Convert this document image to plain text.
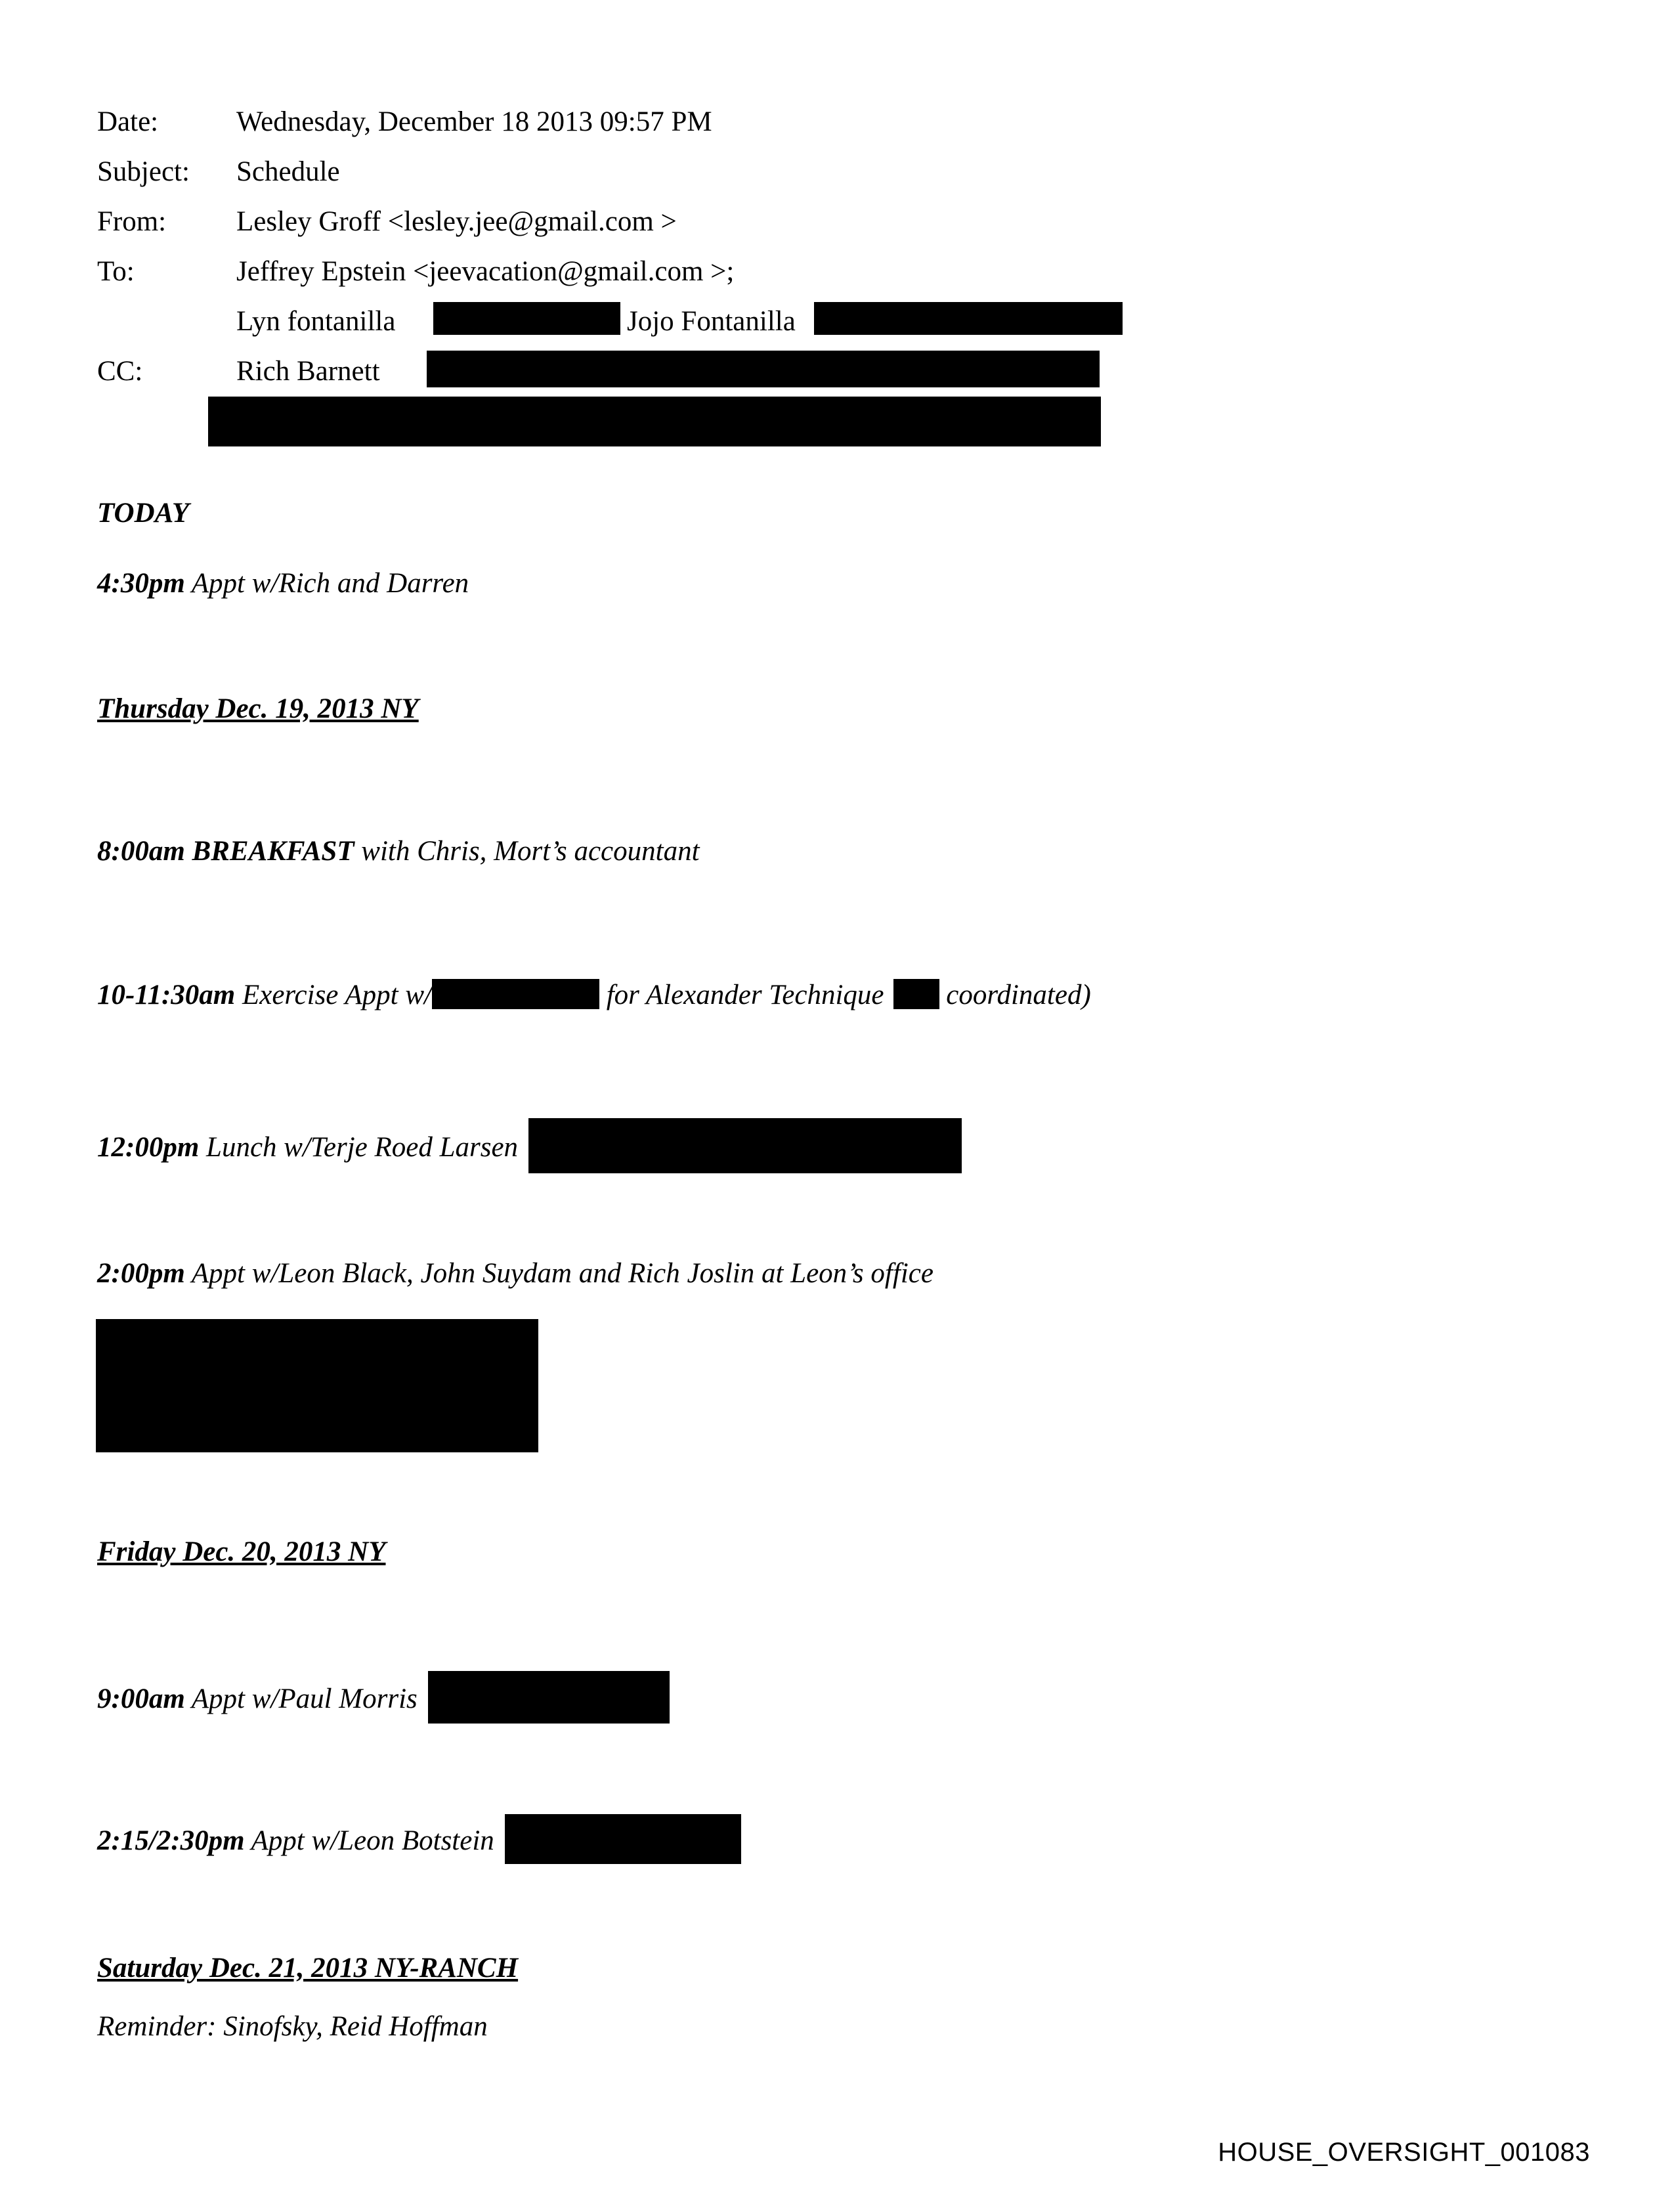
Date:	Wednesday, December 18 2013 09:57 PM
Subject:	Schedule
From:	Lesley Groff <lesley.jee@gmail.com >
To:	Jeffrey Epstein <jeevacation@gmail.com >;
CC:
Lyn fontanilla	Jojo Fontanilla
Rich Barnett
TODAY
4:30pm Appt w/Rich and Darren
Thursday Dec. 19, 2013 NY
8:00am BREAKFAST with Chris, Mort’s accountant
10-11:30am Exercise Appt w/	for Alexander Technique coordinated)
12:00pm Lunch w/Terje Roed Larsen
2:00pm Appt w/Leon Black, John Suydam and Rich Joslin at Leon’s office
Friday Dec. 20, 2013 NY
9:00am Appt w/Paul Morris
2:15/2:30pm Appt w/Leon Botstein
Saturday Dec. 21, 2013 NY-RANCH
Reminder: Sinofsky, Reid Hoffman
HOUSE_OVERSIGHT_001083
